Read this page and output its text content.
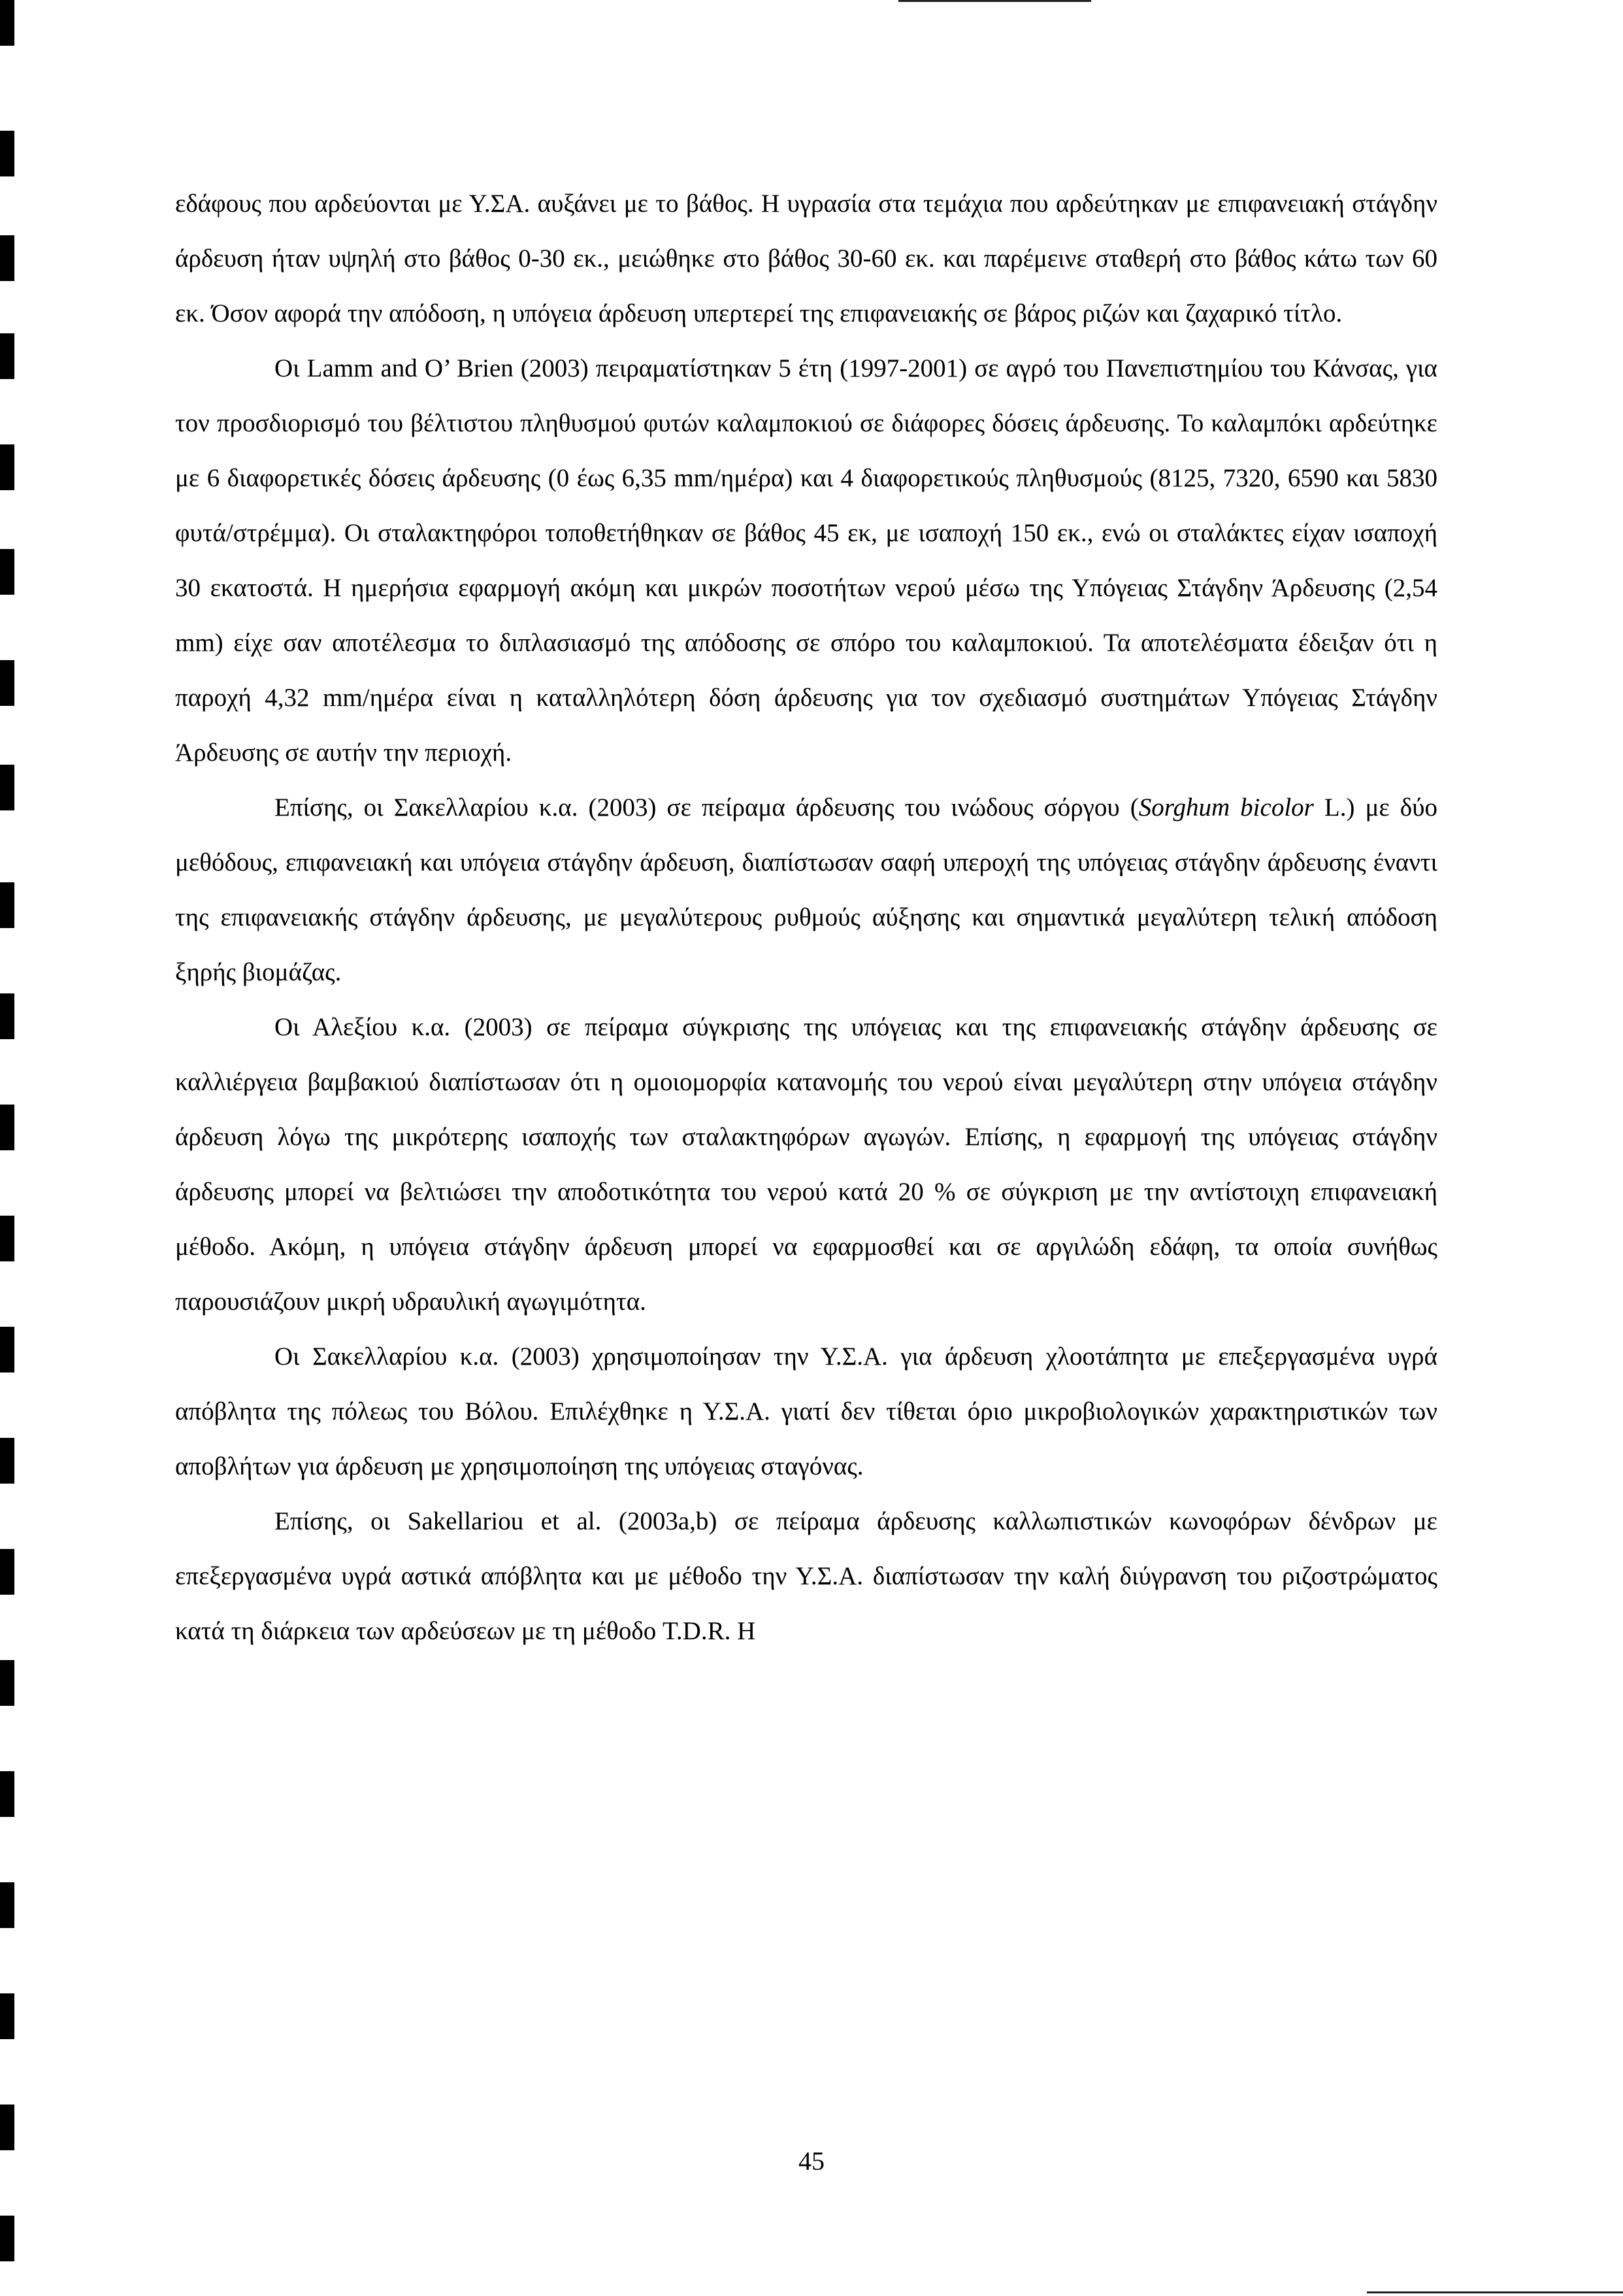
εδάφους που αρδεύονται με Υ.ΣΑ. αυξάνει με το βάθος. Η υγρασία στα τεμάχια που αρδεύτηκαν με επιφανειακή στάγδην άρδευση ήταν υψηλή στο βάθος 0-30 εκ., μειώθηκε στο βάθος 30-60 εκ. και παρέμεινε σταθερή στο βάθος κάτω των 60 εκ. Όσον αφορά την απόδοση, η υπόγεια άρδευση υπερτερεί της επιφανειακής σε βάρος ριζών και ζαχαρικό τίτλο.

Οι Lamm and O’ Brien (2003) πειραματίστηκαν 5 έτη (1997-2001) σε αγρό του Πανεπιστημίου του Κάνσας, για τον προσδιορισμό του βέλτιστου πληθυσμού φυτών καλαμποκιού σε διάφορες δόσεις άρδευσης. Το καλαμπόκι αρδεύτηκε με 6 διαφορετικές δόσεις άρδευσης (0 έως 6,35 mm/ημέρα) και 4 διαφορετικούς πληθυσμούς (8125, 7320, 6590 και 5830 φυτά/στρέμμα). Οι σταλακτηφόροι τοποθετήθηκαν σε βάθος 45 εκ, με ισαποχή 150 εκ., ενώ οι σταλάκτες είχαν ισαποχή 30 εκατοστά. Η ημερήσια εφαρμογή ακόμη και μικρών ποσοτήτων νερού μέσω της Υπόγειας Στάγδην Άρδευσης (2,54 mm) είχε σαν αποτέλεσμα το διπλασιασμό της απόδοσης σε σπόρο του καλαμποκιού. Τα αποτελέσματα έδειξαν ότι η παροχή 4,32 mm/ημέρα είναι η καταλληλότερη δόση άρδευσης για τον σχεδιασμό συστημάτων Υπόγειας Στάγδην Άρδευσης σε αυτήν την περιοχή.

Επίσης, οι Σακελλαρίου κ.α. (2003) σε πείραμα άρδευσης του ινώδους σόργου (Sorghum bicolor L.) με δύο μεθόδους, επιφανειακή και υπόγεια στάγδην άρδευση, διαπίστωσαν σαφή υπεροχή της υπόγειας στάγδην άρδευσης έναντι της επιφανειακής στάγδην άρδευσης, με μεγαλύτερους ρυθμούς αύξησης και σημαντικά μεγαλύτερη τελική απόδοση ξηρής βιομάζας.

Οι Αλεξίου κ.α. (2003) σε πείραμα σύγκρισης της υπόγειας και της επιφανειακής στάγδην άρδευσης σε καλλιέργεια βαμβακιού διαπίστωσαν ότι η ομοιομορφία κατανομής του νερού είναι μεγαλύτερη στην υπόγεια στάγδην άρδευση λόγω της μικρότερης ισαποχής των σταλακτηφόρων αγωγών. Επίσης, η εφαρμογή της υπόγειας στάγδην άρδευσης μπορεί να βελτιώσει την αποδοτικότητα του νερού κατά 20 % σε σύγκριση με την αντίστοιχη επιφανειακή μέθοδο. Ακόμη, η υπόγεια στάγδην άρδευση μπορεί να εφαρμοσθεί και σε αργιλώδη εδάφη, τα οποία συνήθως παρουσιάζουν μικρή υδραυλική αγωγιμότητα.

Οι Σακελλαρίου κ.α. (2003) χρησιμοποίησαν την Υ.Σ.Α. για άρδευση χλοοτάπητα με επεξεργασμένα υγρά απόβλητα της πόλεως του Βόλου. Επιλέχθηκε η Υ.Σ.Α. γιατί δεν τίθεται όριο μικροβιολογικών χαρακτηριστικών των αποβλήτων για άρδευση με χρησιμοποίηση της υπόγειας σταγόνας.

Επίσης, οι Sakellariou et al. (2003a,b) σε πείραμα άρδευσης καλλωπιστικών κωνοφόρων δένδρων με επεξεργασμένα υγρά αστικά απόβλητα και με μέθοδο την Υ.Σ.Α. διαπίστωσαν την καλή διύγρανση του ριζοστρώματος κατά τη διάρκεια των αρδεύσεων με τη μέθοδο T.D.R. Η

45
